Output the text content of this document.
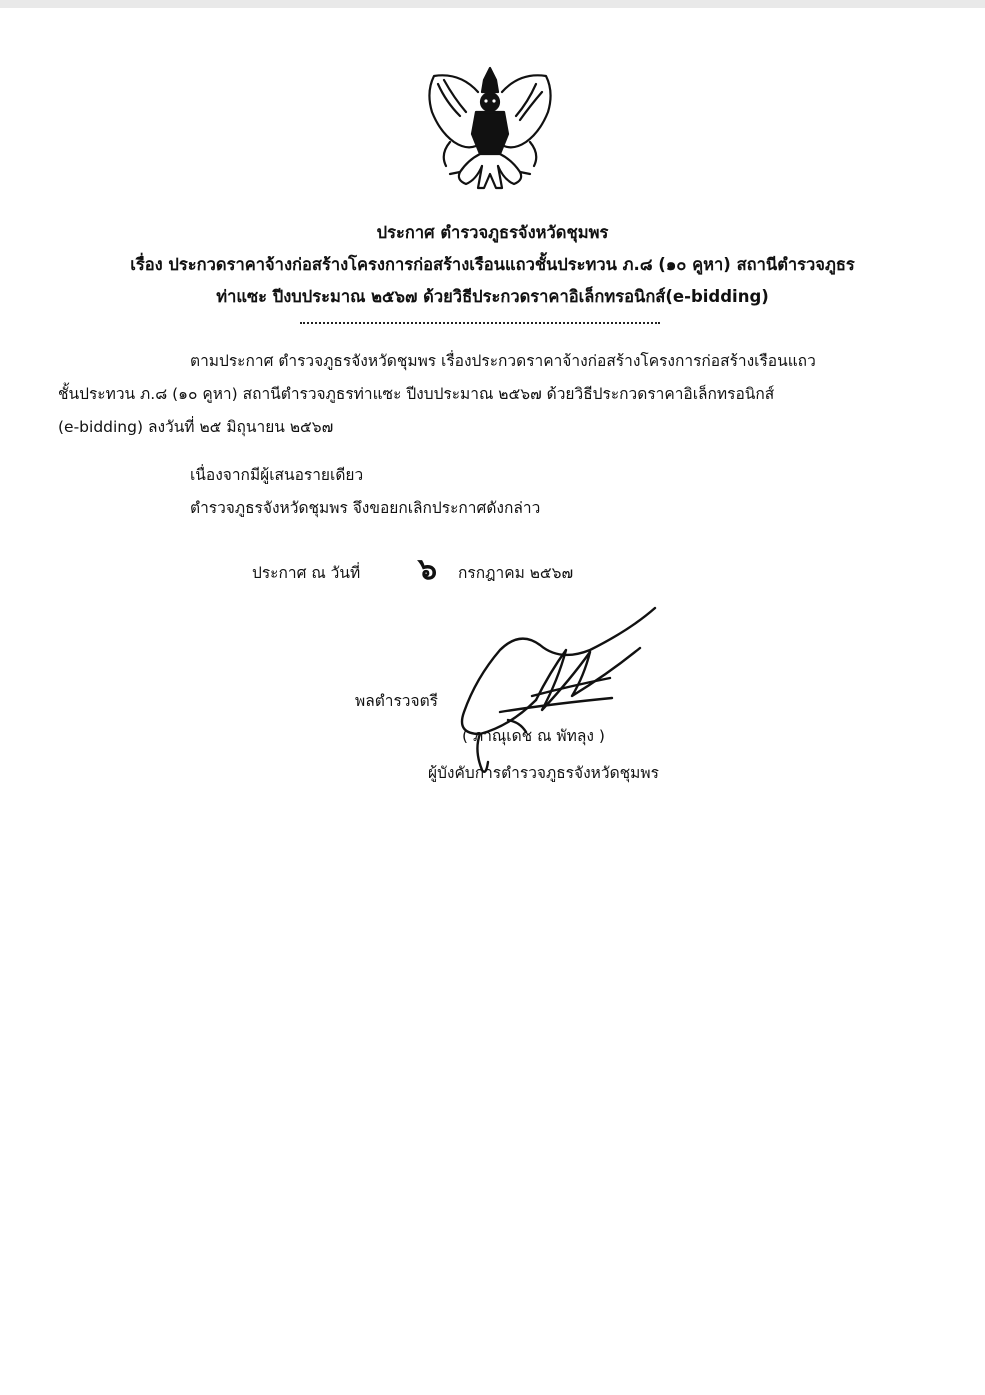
ประกาศ ตำรวจภูธรจังหวัดชุมพร
เรื่อง ประกวดราคาจ้างก่อสร้างโครงการก่อสร้างเรือนแถวชั้นประทวน ภ.๘ (๑๐ คูหา) สถานีตำรวจภูธร
ท่าแซะ ปีงบประมาณ ๒๕๖๗ ด้วยวิธีประกวดราคาอิเล็กทรอนิกส์(e-bidding)
ตามประกาศ ตำรวจภูธรจังหวัดชุมพร เรื่องประกวดราคาจ้างก่อสร้างโครงการก่อสร้างเรือนแถว
ชั้นประทวน ภ.๘ (๑๐ คูหา) สถานีตำรวจภูธรท่าแซะ ปีงบประมาณ ๒๕๖๗ ด้วยวิธีประกวดราคาอิเล็กทรอนิกส์
(e-bidding) ลงวันที่ ๒๕ มิถุนายน ๒๕๖๗
เนื่องจากมีผู้เสนอรายเดียว
ตำรวจภูธรจังหวัดชุมพร จึงขอยกเลิกประกาศดังกล่าว
ประกาศ ณ วันที่ ๖ กรกฎาคม ๒๕๖๗
พลตำรวจตรี
( ภาณุเดช ณ พัทลุง )
ผู้บังคับการตำรวจภูธรจังหวัดชุมพร
